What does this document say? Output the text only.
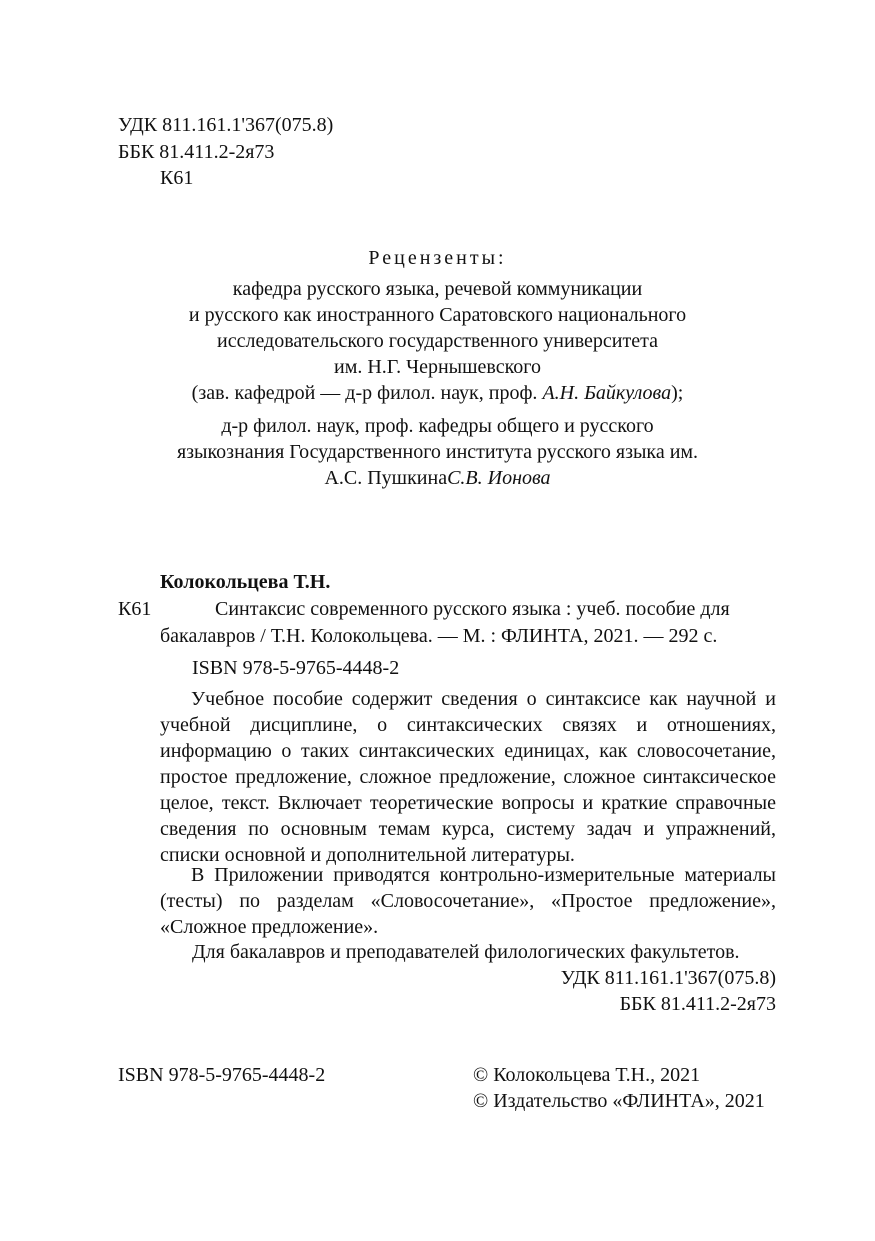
УДК 811.161.1'367(075.8)
ББК 81.411.2-2я73
К61
Рецензенты:
кафедра русского языка, речевой коммуникации
и русского как иностранного Саратовского национального
исследовательского государственного университета
им. Н.Г. Чернышевского
(зав. кафедрой — д-р филол. наук, проф. А.Н. Байкулова);
д-р филол. наук, проф. кафедры общего и русского
языкознания Государственного института русского языка им.
А.С. ПушкинаС.В. Ионова
Колокольцева Т.Н.
К61	Синтаксис современного русского языка : учеб. пособие для
бакалавров / Т.Н. Колокольцева. — М. : ФЛИНТА, 2021. — 292 с.
ISBN 978-5-9765-4448-2
Учебное пособие содержит сведения о синтаксисе как научной и учебной дисциплине, о синтаксических связях и отношениях, информацию о таких синтаксических единицах, как словосочетание, простое предложение, сложное предложение, сложное синтаксическое целое, текст. Включает теоретические вопросы и краткие справочные сведения по основным темам курса, систему задач и упражнений, списки основной и дополнительной литературы.
В Приложении приводятся контрольно-измерительные материалы (тесты) по разделам «Словосочетание», «Простое предложение», «Сложное предложение».
Для бакалавров и преподавателей филологических факультетов.
УДК 811.161.1'367(075.8)
ББК 81.411.2-2я73
ISBN 978-5-9765-4448-2	© Колокольцева Т.Н., 2021
© Издательство «ФЛИНТА», 2021
